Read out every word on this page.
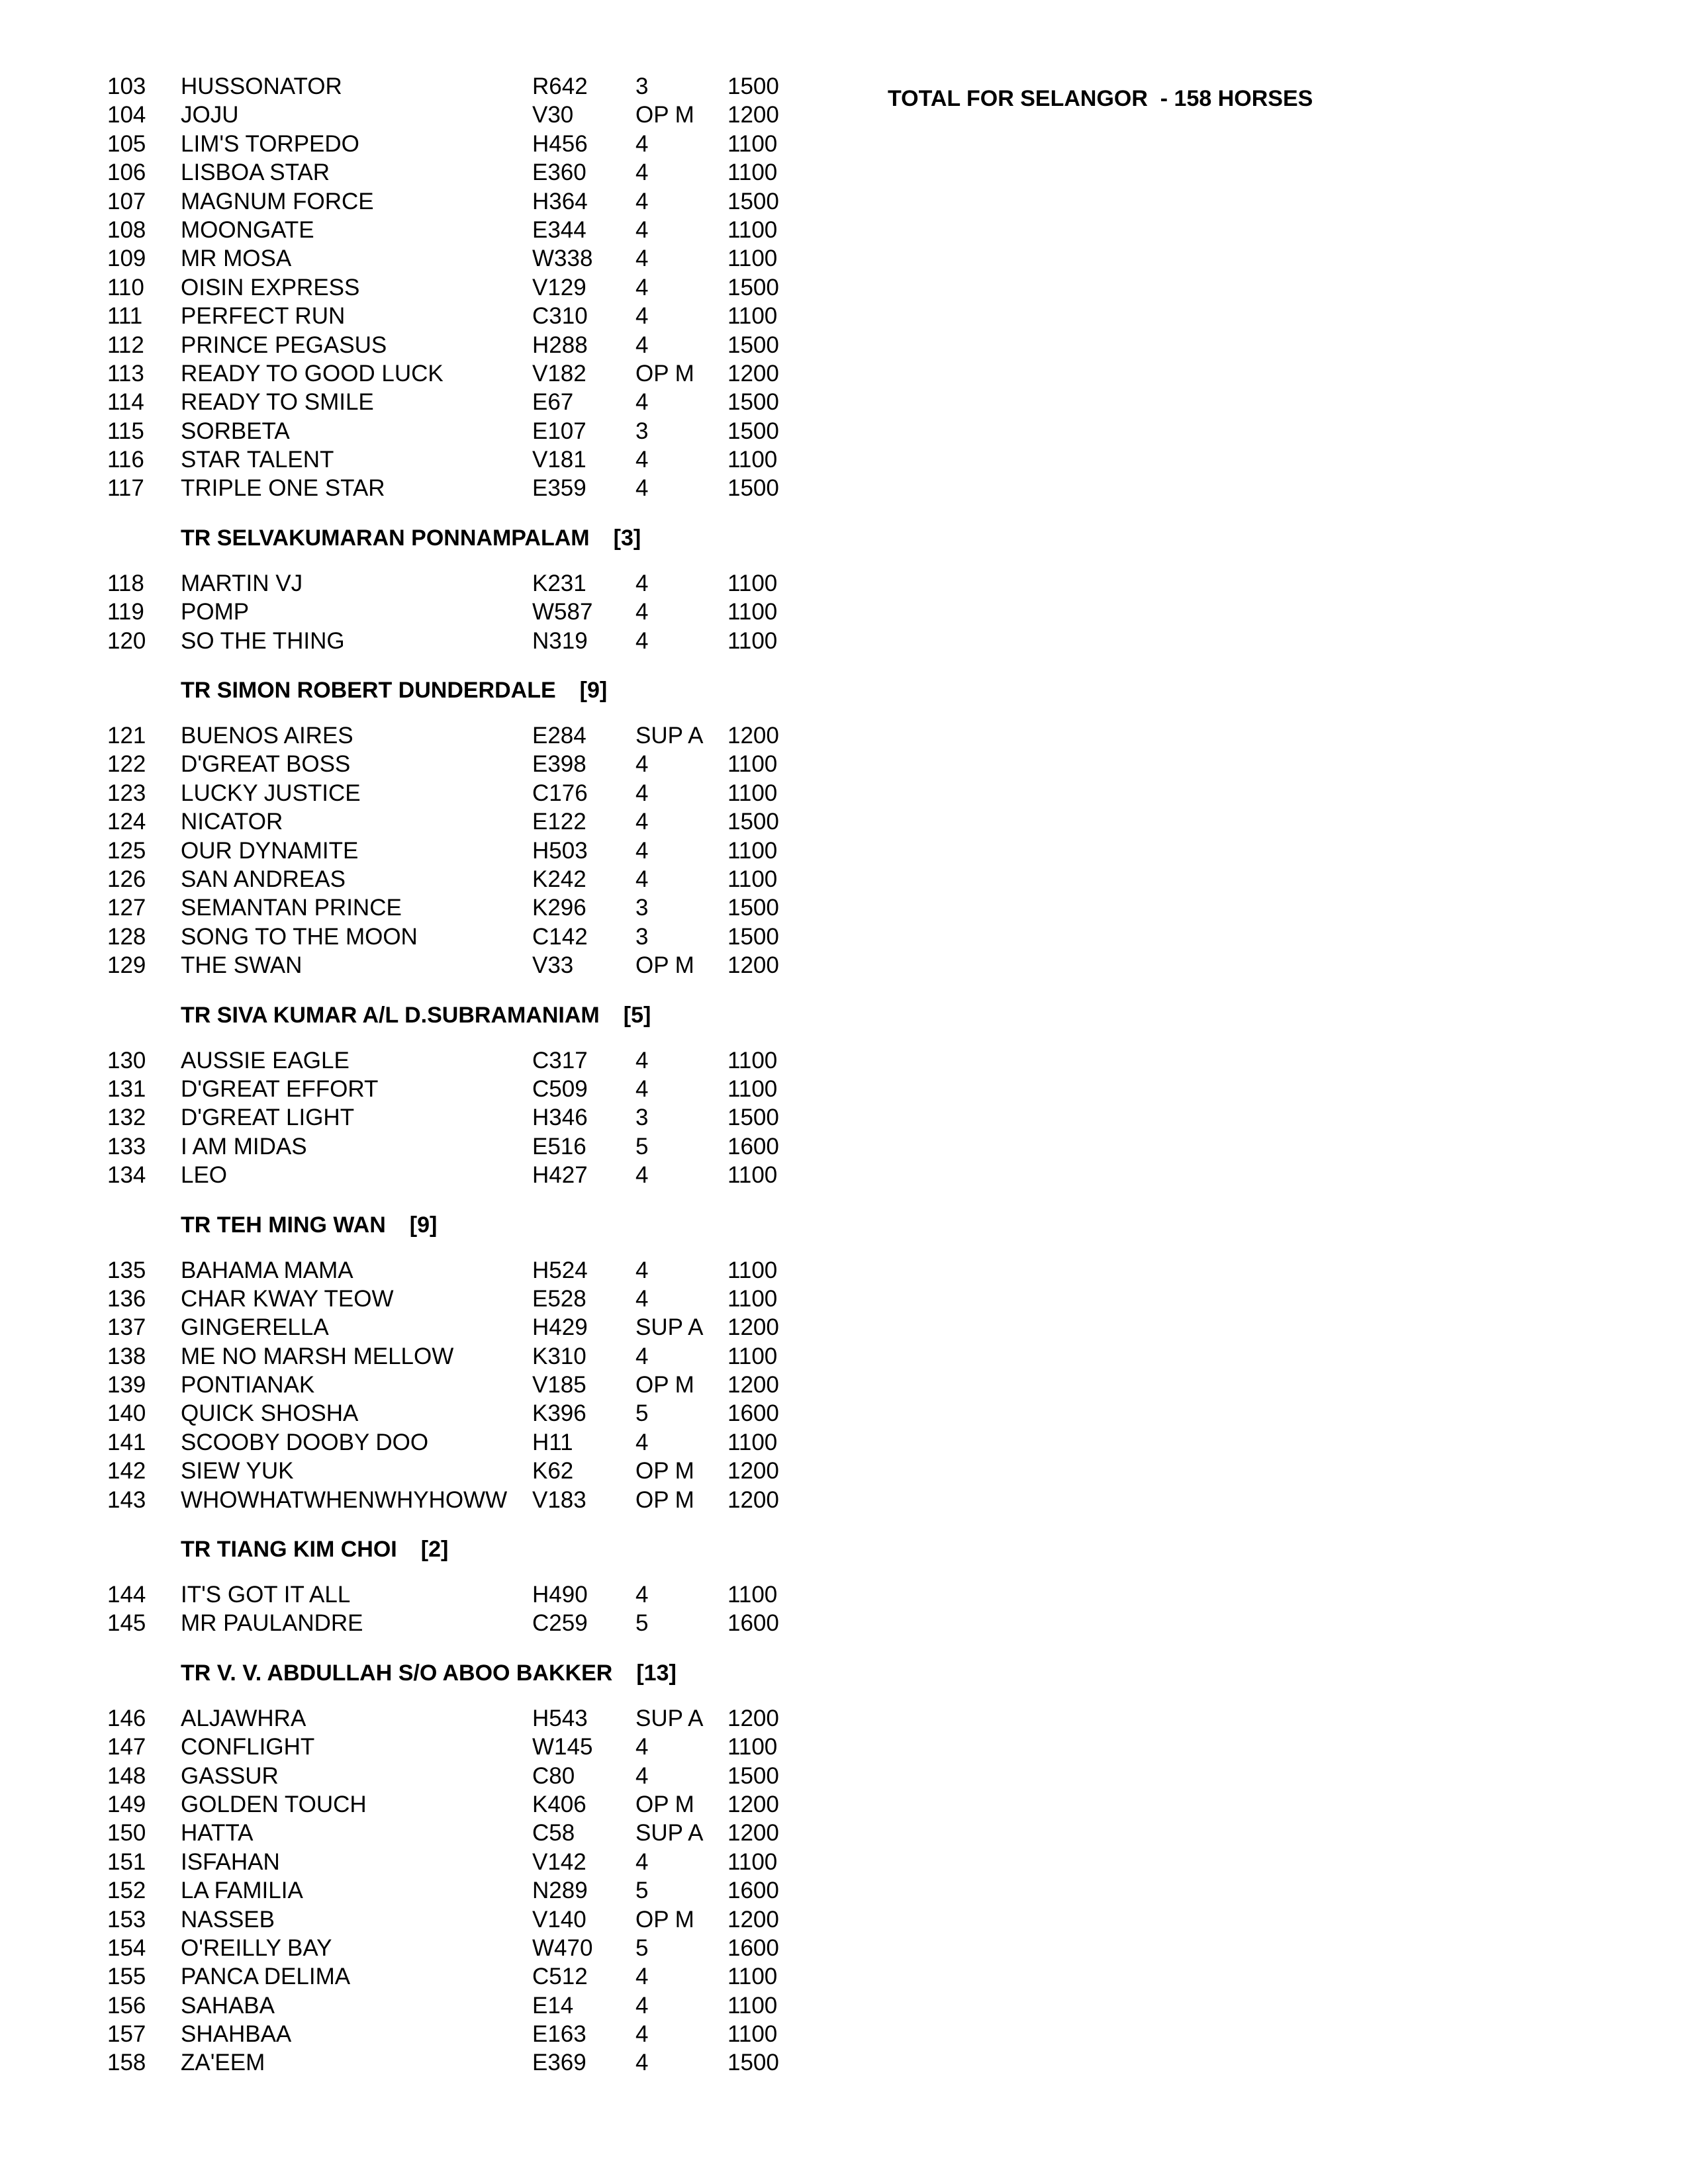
TOTAL FOR SELANGOR  - 158 HORSES
103 HUSSONATOR	R642 3	1500
104 JOJU	V30	OP M 1200
105 LIM'S TORPEDO	H456 4	1100
106 LISBOA STAR	E360 4	1100
107 MAGNUM FORCE	H364 4	1500
108 MOONGATE	E344 4	1100
109 MR MOSA	W338 4	1100
110 OISIN EXPRESS	V129 4	1500
111 PERFECT RUN	C310 4	1100
112 PRINCE PEGASUS	H288 4	1500
113 READY TO GOOD LUCK	V182 OP M 1200
114 READY TO SMILE	E67	4	1500
115 SORBETA	E107 3	1500
116 STAR TALENT	V181 4	1100
117 TRIPLE ONE STAR	E359 4	1500
TR SELVAKUMARAN PONNAMPALAM [3]
118 MARTIN VJ	K231 4	1100
119 POMP	W587 4	1100
120 SO THE THING	N319 4	1100
TR SIMON ROBERT DUNDERDALE [9]
121 BUENOS AIRES	E284 SUP A 1200
122 D'GREAT BOSS	E398 4	1100
123 LUCKY JUSTICE	C176 4	1100
124 NICATOR	E122 4	1500
125 OUR DYNAMITE	H503 4	1100
126 SAN ANDREAS	K242 4	1100
127 SEMANTAN PRINCE	K296 3	1500
128 SONG TO THE MOON	C142 3	1500
129 THE SWAN	V33	OP M 1200
TR SIVA KUMAR A/L D.SUBRAMANIAM [5]
130 AUSSIE EAGLE	C317 4	1100
131 D'GREAT EFFORT	C509 4	1100
132 D'GREAT LIGHT	H346 3	1500
133 I AM MIDAS	E516 5	1600
134 LEO	H427 4	1100
TR TEH MING WAN [9]
135 BAHAMA MAMA	H524 4	1100
136 CHAR KWAY TEOW	E528 4	1100
137 GINGERELLA	H429 SUP A 1200
138 ME NO MARSH MELLOW	K310 4	1100
139 PONTIANAK	V185 OP M 1200
140 QUICK SHOSHA	K396 5	1600
141 SCOOBY DOOBY DOO	H11	4	1100
142 SIEW YUK	K62	OP M 1200
143 WHOWHATWHENWHYHOWW V183 OP M 1200
TR TIANG KIM CHOI [2]
144 IT'S GOT IT ALL	H490 4	1100
145 MR PAULANDRE	C259 5	1600
TR V. V. ABDULLAH S/O ABOO BAKKER [13]
146 ALJAWHRA	H543 SUP A 1200
147 CONFLIGHT	W145 4	1100
148 GASSUR	C80	4	1500
149 GOLDEN TOUCH	K406 OP M 1200
150 HATTA	C58	SUP A 1200
151 ISFAHAN	V142 4	1100
152 LA FAMILIA	N289 5	1600
153 NASSEB	V140 OP M 1200
154 O'REILLY BAY	W470 5	1600
155 PANCA DELIMA	C512 4	1100
156 SAHABA	E14	4	1100
157 SHAHBAA	E163 4	1100
158 ZA'EEM	E369 4	1500
